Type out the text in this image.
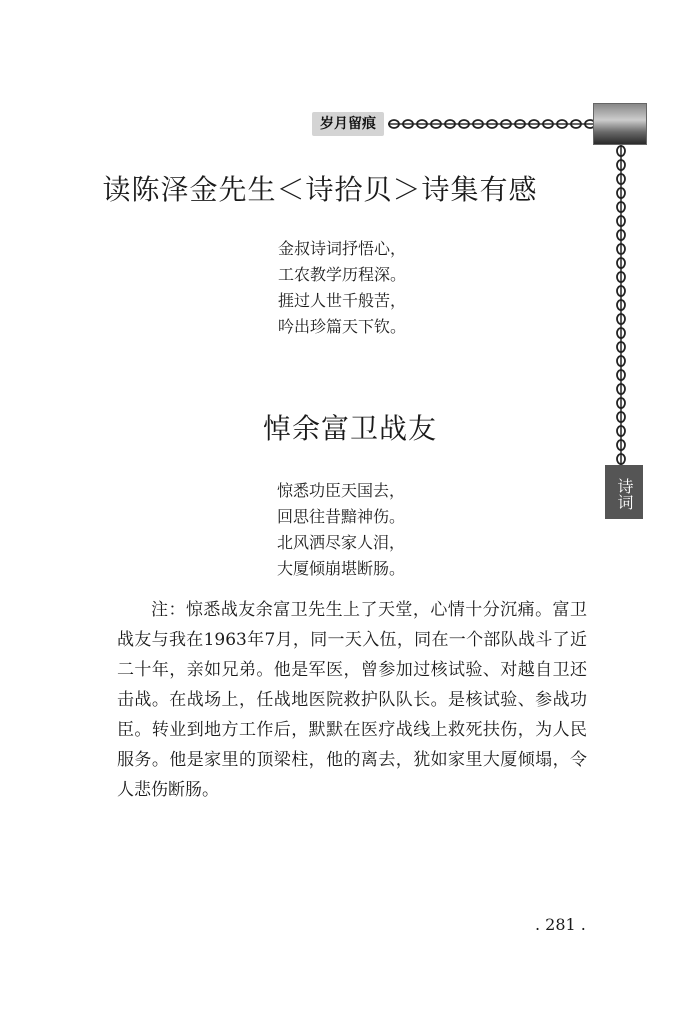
岁月留痕
诗词
读陈泽金先生＜诗拾贝＞诗集有感
金叔诗词抒悟心，
工农教学历程深。
捱过人世千般苦，
吟出珍篇天下钦。
悼余富卫战友
惊悉功臣天国去，
回思往昔黯神伤。
北风洒尽家人泪，
大厦倾崩堪断肠。

注：惊悉战友余富卫先生上了天堂，心情十分沉痛。富卫战友与我在1963年7月，同一天入伍，同在一个部队战斗了近二十年，亲如兄弟。他是军医，曾参加过核试验、对越自卫还击战。在战场上，任战地医院救护队队长。是核试验、参战功臣。转业到地方工作后，默默在医疗战线上救死扶伤，为人民服务。他是家里的顶梁柱，他的离去，犹如家里大厦倾塌，令人悲伤断肠。

. 281 .
